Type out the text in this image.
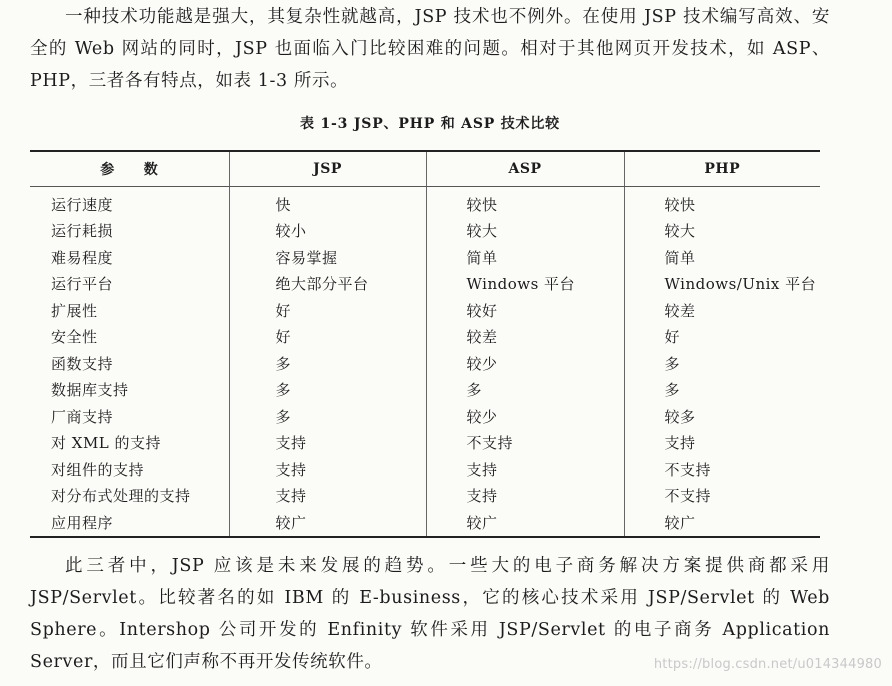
一种技术功能越是强大，其复杂性就越高，JSP 技术也不例外。在使用 JSP 技术编写高效、安全的 Web 网站的同时，JSP 也面临入门比较困难的问题。相对于其他网页开发技术，如 ASP、PHP，三者各有特点，如表 1-3 所示。

表 1-3 JSP、PHP 和 ASP 技术比较
参　　数	JSP	ASP	PHP
运行速度	快	较快	较快
运行耗损	较小	较大	较大
难易程度	容易掌握	简单	简单
运行平台	绝大部分平台	Windows 平台	Windows/Unix 平台
扩展性	好	较好	较差
安全性	好	较差	好
函数支持	多	较少	多
数据库支持	多	多	多
厂商支持	多	较少	较多
对 XML 的支持	支持	不支持	支持
对组件的支持	支持	支持	不支持
对分布式处理的支持	支持	支持	不支持
应用程序	较广	较广	较广

此三者中，JSP 应该是未来发展的趋势。一些大的电子商务解决方案提供商都采用 JSP/Servlet。比较著名的如 IBM 的 E-business，它的核心技术采用 JSP/Servlet 的 Web Sphere。Intershop 公司开发的 Enfinity 软件采用 JSP/Servlet 的电子商务 Application Server，而且它们声称不再开发传统软件。	https://blog.csdn.net/u014344980
